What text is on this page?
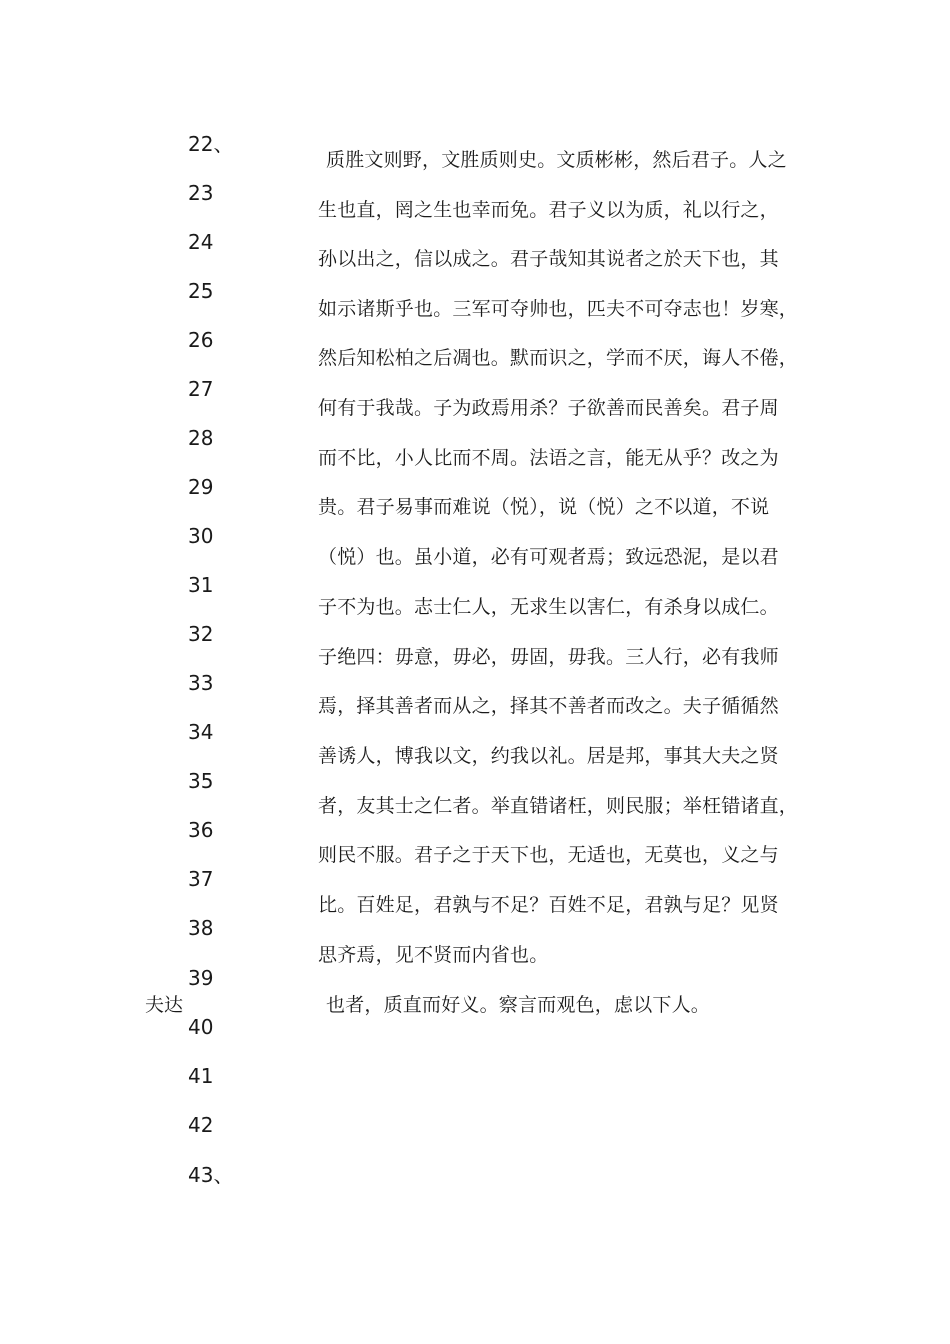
22、
23
24
25
26
27
28
29
30
31
32
33
34
35
36
37
38
39
40
41
42
43、
夫达
质胜文则野，文胜质则史。文质彬彬，然后君子。人之
生也直，罔之生也幸而免。君子义以为质，礼以行之，
孙以出之，信以成之。君子哉知其说者之於天下也，其
如示诸斯乎也。三军可夺帅也，匹夫不可夺志也！岁寒，
然后知松柏之后凋也。默而识之，学而不厌，诲人不倦，
何有于我哉。子为政焉用杀？子欲善而民善矣。君子周
而不比，小人比而不周。法语之言，能无从乎？改之为
贵。君子易事而难说（悦），说（悦）之不以道，不说
（悦）也。虽小道，必有可观者焉；致远恐泥，是以君
子不为也。志士仁人，无求生以害仁，有杀身以成仁。
子绝四：毋意，毋必，毋固，毋我。三人行，必有我师
焉，择其善者而从之，择其不善者而改之。夫子循循然
善诱人，博我以文，约我以礼。居是邦，事其大夫之贤
者，友其士之仁者。举直错诸枉，则民服；举枉错诸直，
则民不服。君子之于天下也，无适也，无莫也，义之与
比。百姓足，君孰与不足？百姓不足，君孰与足？见贤
思齐焉，见不贤而内省也。
也者，质直而好义。察言而观色，虑以下人。
